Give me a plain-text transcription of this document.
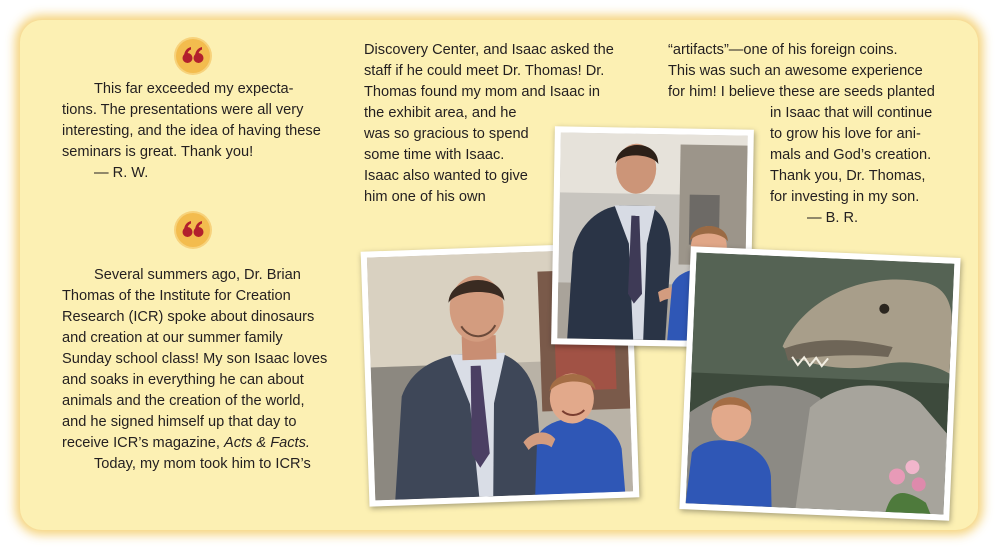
This far exceeded my expecta-
tions. The presentations were all very
interesting, and the idea of having these
seminars is great. Thank you!
— R. W.
Several summers ago, Dr. Brian
Thomas of the Institute for Creation
Research (ICR) spoke about dinosaurs
and creation at our summer family
Sunday school class! My son Isaac loves
and soaks in everything he can about
animals and the creation of the world,
and he signed himself up that day to
receive ICR’s magazine, Acts & Facts.
Today, my mom took him to ICR’s
Discovery Center, and Isaac asked the
staff if he could meet Dr. Thomas! Dr.
Thomas found my mom and Isaac in
the exhibit area, and he
was so gracious to spend
some time with Isaac.
Isaac also wanted to give
him one of his own
“artifacts”—one of his foreign coins.
This was such an awesome experience
for him! I believe these are seeds planted
in Isaac that will continue
to grow his love for ani-
mals and God’s creation.
Thank you, Dr. Thomas,
for investing in my son.
— B. R.
